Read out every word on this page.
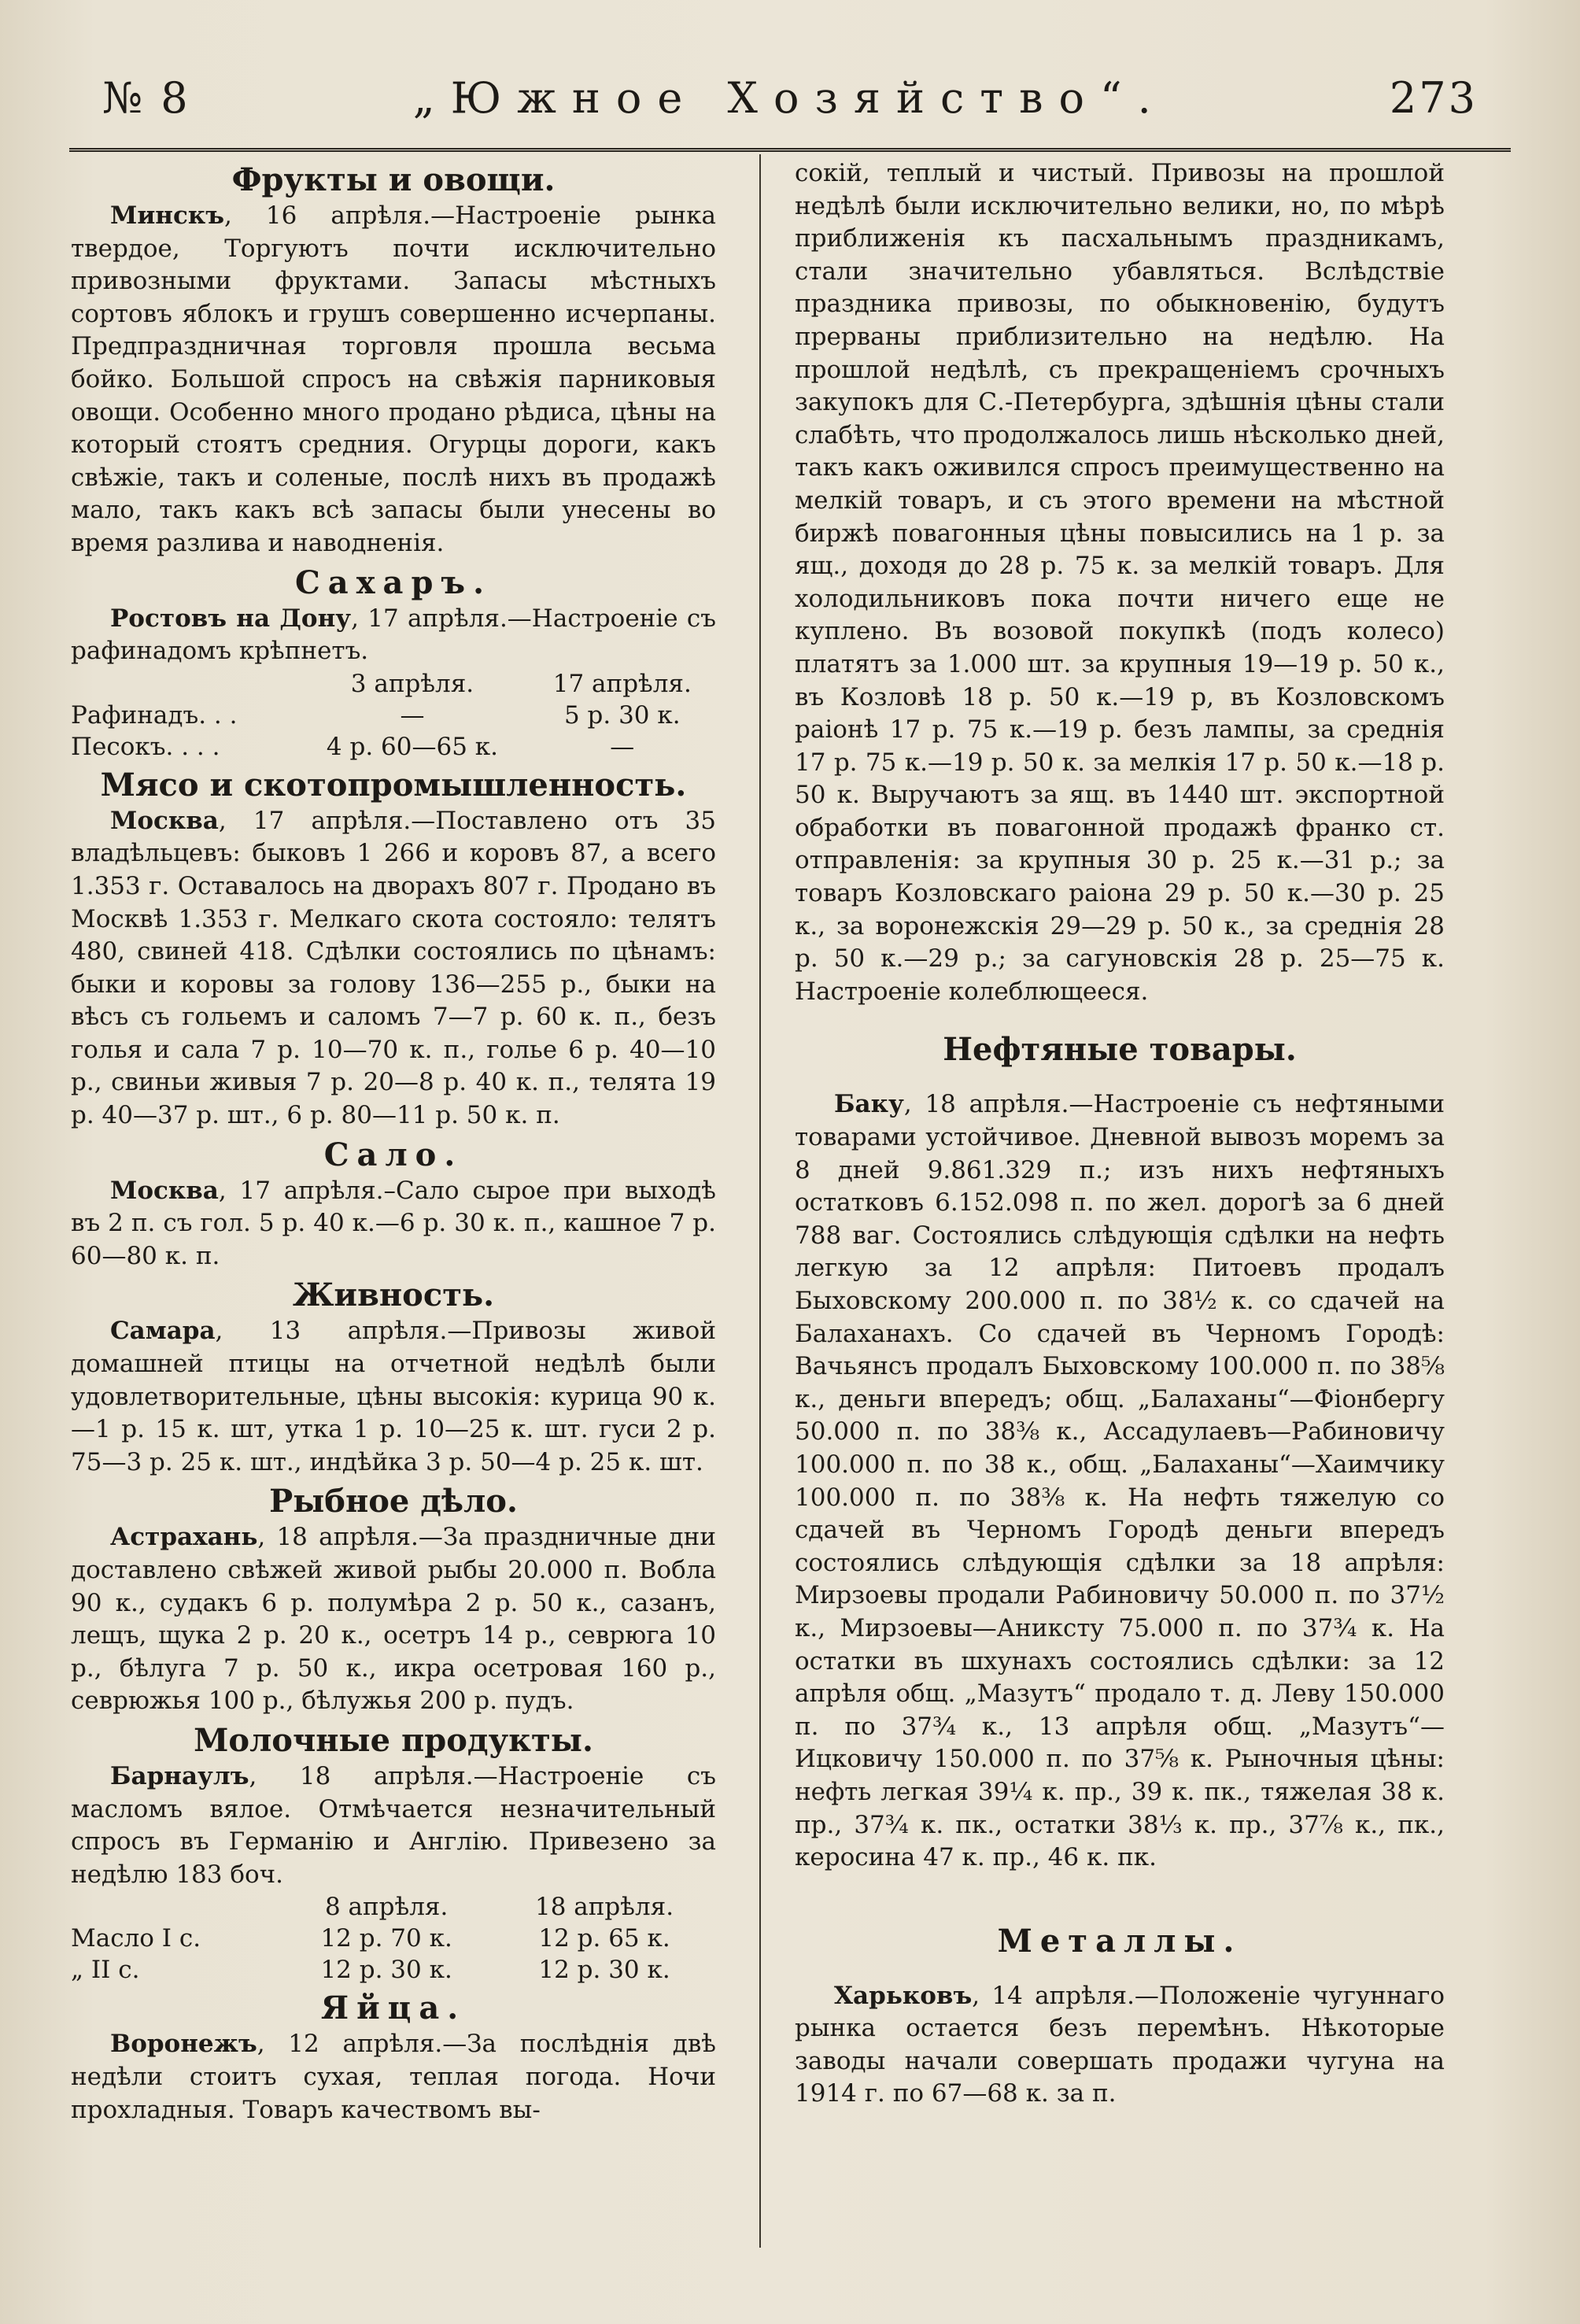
№ 8	„Южное Хозяйство“.	273
Фрукты и овощи.

Минскъ, 16 апрѣля.—Настроеніе рынка твердое, Торгуютъ почти исключительно привозными фруктами. Запасы мѣстныхъ сортовъ яблокъ и грушъ совершенно исчерпаны. Предпраздничная торговля прошла весьма бойко. Большой спросъ на свѣжія парниковыя овощи. Особенно много продано рѣдиса, цѣны на который стоятъ средния. Огурцы дороги, какъ свѣжіе, такъ и соленые, послѣ нихъ въ продажѣ мало, такъ какъ всѣ запасы были унесены во время разлива и наводненія.

Сахаръ.

Ростовъ на Дону, 17 апрѣля.—Настроеніе съ рафинадомъ крѣпнетъ.

	3 апрѣля.	17 апрѣля.
Рафинадъ. . .	—	5 р. 30 к.
Песокъ. . . .	4 р. 60—65 к.	—
Мясо и скотопромышленность.

Москва, 17 апрѣля.—Поставлено отъ 35 владѣльцевъ: быковъ 1 266 и коровъ 87, а всего 1.353 г. Оставалось на дворахъ 807 г. Продано въ Москвѣ 1.353 г. Мелкаго скота состояло: телятъ 480, свиней 418. Сдѣлки состоялись по цѣнамъ: быки и коровы за голову 136—255 р., быки на вѣсъ съ гольемъ и саломъ 7—7 р. 60 к. п., безъ голья и сала 7 р. 10—70 к. п., голье 6 р. 40—10 р., свиньи живыя 7 р. 20—8 р. 40 к. п., телята 19 р. 40—37 р. шт., 6 р. 80—11 р. 50 к. п.

Сало.

Москва, 17 апрѣля.–Сало сырое при выходѣ въ 2 п. съ гол. 5 р. 40 к.—6 р. 30 к. п., кашное 7 р. 60—80 к. п.

Живность.

Самара, 13 апрѣля.—Привозы живой домашней птицы на отчетной недѣлѣ были удовлетворительные, цѣны высокія: курица 90 к.—1 р. 15 к. шт, утка 1 р. 10—25 к. шт. гуси 2 р. 75—3 р. 25 к. шт., индѣйка 3 р. 50—4 р. 25 к. шт.

Рыбное дѣло.

Астрахань, 18 апрѣля.—За праздничные дни доставлено свѣжей живой рыбы 20.000 п. Вобла 90 к., судакъ 6 р. полумѣра 2 р. 50 к., сазанъ, лещъ, щука 2 р. 20 к., осетръ 14 р., севрюга 10 р., бѣлуга 7 р. 50 к., икра осетровая 160 р., севрюжья 100 р., бѣлужья 200 р. пудъ.

Молочные продукты.

Барнаулъ, 18 апрѣля.—Настроеніе съ масломъ вялое. Отмѣчается незначительный спросъ въ Германію и Англію. Привезено за недѣлю 183 боч.

	8 апрѣля.	18 апрѣля.
Масло I с.	12 р. 70 к.	12 р. 65 к.
„ II с.	12 р. 30 к.	12 р. 30 к.
Яйца.

Воронежъ, 12 апрѣля.—За послѣднія двѣ недѣли стоитъ сухая, теплая погода. Ночи прохладныя. Товаръ качествомъ вы-

сокій, теплый и чистый. Привозы на прошлой недѣлѣ были исключительно велики, но, по мѣрѣ приближенія къ пасхальнымъ праздникамъ, стали значительно убавляться. Вслѣдствіе праздника привозы, по обыкновенію, будутъ прерваны приблизительно на недѣлю. На прошлой недѣлѣ, съ прекращеніемъ срочныхъ закупокъ для С.-Петербурга, здѣшнія цѣны стали слабѣть, что продолжалось лишь нѣсколько дней, такъ какъ оживился спросъ преимущественно на мелкій товаръ, и съ этого времени на мѣстной биржѣ повагонныя цѣны повысились на 1 р. за ящ., доходя до 28 р. 75 к. за мелкій товаръ. Для холодильниковъ пока почти ничего еще не куплено. Въ возовой покупкѣ (подъ колесо) платятъ за 1.000 шт. за крупныя 19—19 р. 50 к., въ Козловѣ 18 р. 50 к.—19 р, въ Козловскомъ раіонѣ 17 р. 75 к.—19 р. безъ лампы, за среднія 17 р. 75 к.—19 р. 50 к. за мелкія 17 р. 50 к.—18 р. 50 к. Выручаютъ за ящ. въ 1440 шт. экспортной обработки въ повагонной продажѣ франко ст. отправленія: за крупныя 30 р. 25 к.—31 р.; за товаръ Козловскаго раіона 29 р. 50 к.—30 р. 25 к., за воронежскія 29—29 р. 50 к., за среднія 28 р. 50 к.—29 р.; за сагуновскія 28 р. 25—75 к. Настроеніе колеблющееся.

Нефтяные товары.

Баку, 18 апрѣля.—Настроеніе съ нефтяными товарами устойчивое. Дневной вывозъ моремъ за 8 дней 9.861.329 п.; изъ нихъ нефтяныхъ остатковъ 6.152.098 п. по жел. дорогѣ за 6 дней 788 ваг. Состоялись слѣдующія сдѣлки на нефть легкую за 12 апрѣля: Питоевъ продалъ Быховскому 200.000 п. по 38½ к. со сдачей на Балаханахъ. Со сдачей въ Черномъ Городѣ: Вачьянсъ продалъ Быховскому 100.000 п. по 38⅝ к., деньги впередъ; общ. „Балаханы“—Фіонбергу 50.000 п. по 38⅜ к., Ассадулаевъ—Рабиновичу 100.000 п. по 38 к., общ. „Балаханы“—Хаимчику 100.000 п. по 38⅜ к. На нефть тяжелую со сдачей въ Черномъ Городѣ деньги впередъ состоялись слѣдующія сдѣлки за 18 апрѣля: Мирзоевы продали Рабиновичу 50.000 п. по 37½ к., Мирзоевы—Аникстy 75.000 п. по 37¾ к. На остатки въ шхунахъ состоялись сдѣлки: за 12 апрѣля общ. „Мазутъ“ продало т. д. Леву 150.000 п. по 37¾ к., 13 апрѣля общ. „Мазутъ“—Ицковичу 150.000 п. по 37⅝ к. Рыночныя цѣны: нефть легкая 39¼ к. пр., 39 к. пк., тяжелая 38 к. пр., 37¾ к. пк., остатки 38⅓ к. пр., 37⅞ к., пк., керосина 47 к. пр., 46 к. пк.

Металлы.

Харьковъ, 14 апрѣля.—Положеніе чугуннаго рынка остается безъ перемѣнъ. Нѣкоторые заводы начали совершать продажи чугуна на 1914 г. по 67—68 к. за п.
